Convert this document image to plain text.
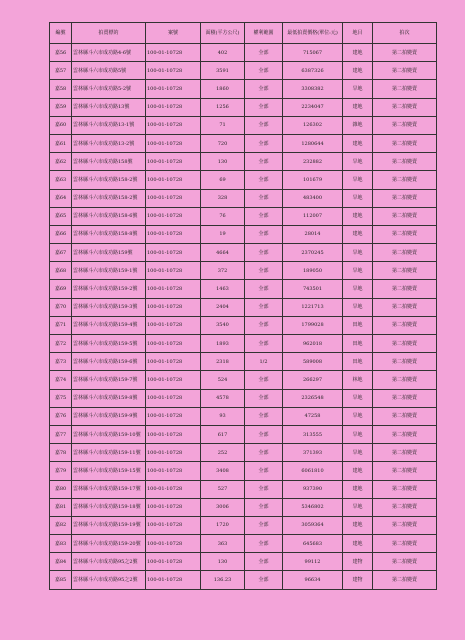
編號	拍賣標的	案號	面積(平方公尺)	權利範圍	最低拍賣價格(單位:元)	地目	拍次
嘉56	雲林縣斗六市成功路4-6號	100-01-10728	402	全部	715067	建地	第二拍變賣
嘉57	雲林縣斗六市成功路5號	100-01-10728	3591	全部	6387326	建地	第二拍變賣
嘉58	雲林縣斗六市成功路5-2號	100-01-10728	1860	全部	3308382	旱地	第二拍變賣
嘉59	雲林縣斗六市成功路13號	100-01-10728	1256	全部	2234047	建地	第二拍變賣
嘉60	雲林縣斗六市成功路13-1號	100-01-10728	71	全部	126302	雜地	第二拍變賣
嘉61	雲林縣斗六市成功路13-2號	100-01-10728	720	全部	1280644	建地	第二拍變賣
嘉62	雲林縣斗六市成功路158號	100-01-10728	130	全部	232882	旱地	第二拍變賣
嘉63	雲林縣斗六市成功路158-2號	100-01-10728	69	全部	101679	旱地	第二拍變賣
嘉64	雲林縣斗六市成功路158-2號	100-01-10728	328	全部	483400	旱地	第二拍變賣
嘉65	雲林縣斗六市成功路158-6號	100-01-10728	76	全部	112007	建地	第二拍變賣
嘉66	雲林縣斗六市成功路158-8號	100-01-10728	19	全部	28014	建地	第二拍變賣
嘉67	雲林縣斗六市成功路159號	100-01-10728	4664	全部	2370245	旱地	第二拍變賣
嘉68	雲林縣斗六市成功路159-1號	100-01-10728	372	全部	189050	旱地	第二拍變賣
嘉69	雲林縣斗六市成功路159-2號	100-01-10728	1463	全部	743501	旱地	第二拍變賣
嘉70	雲林縣斗六市成功路159-3號	100-01-10728	2404	全部	1221713	旱地	第二拍變賣
嘉71	雲林縣斗六市成功路159-4號	100-01-10728	3540	全部	1799028	田地	第二拍變賣
嘉72	雲林縣斗六市成功路159-5號	100-01-10728	1893	全部	962018	田地	第二拍變賣
嘉73	雲林縣斗六市成功路159-6號	100-01-10728	2318	1/2	589008	田地	第二拍變賣
嘉74	雲林縣斗六市成功路159-7號	100-01-10728	524	全部	266297	林地	第二拍變賣
嘉75	雲林縣斗六市成功路159-8號	100-01-10728	4578	全部	2326548	旱地	第二拍變賣
嘉76	雲林縣斗六市成功路159-9號	100-01-10728	93	全部	47258	旱地	第二拍變賣
嘉77	雲林縣斗六市成功路159-10號	100-01-10728	617	全部	313555	旱地	第二拍變賣
嘉78	雲林縣斗六市成功路159-11號	100-01-10728	252	全部	371393	旱地	第二拍變賣
嘉79	雲林縣斗六市成功路159-15號	100-01-10728	3408	全部	6061810	建地	第二拍變賣
嘉80	雲林縣斗六市成功路159-17號	100-01-10728	527	全部	937390	建地	第二拍變賣
嘉81	雲林縣斗六市成功路159-18號	100-01-10728	3006	全部	5346802	旱地	第二拍變賣
嘉82	雲林縣斗六市成功路159-19號	100-01-10728	1720	全部	3059364	建地	第二拍變賣
嘉83	雲林縣斗六市成功路159-20號	100-01-10728	363	全部	645683	建地	第二拍變賣
嘉84	雲林縣斗六市成功路95之2號	100-01-10728	130	全部	99112	建物	第二拍變賣
嘉85	雲林縣斗六市成功路95之2號	100-01-10728	136.23	全部	96634	建物	第二拍變賣
